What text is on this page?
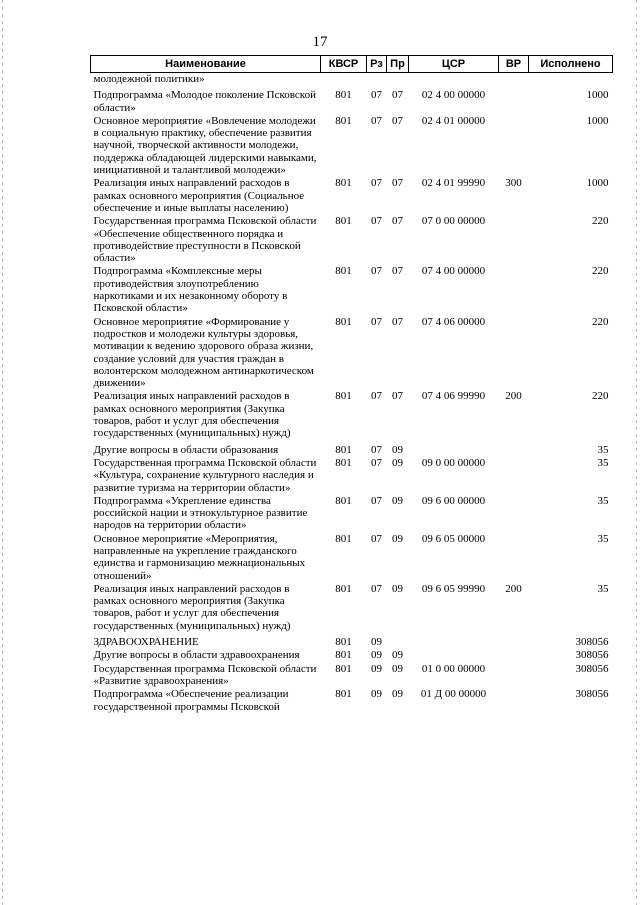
17
Наименование	КВСР	Рз	Пр	ЦСР	ВР	Исполнено
молодежной политики»						
Подпрограмма «Молодое поколение Псковской области»	801	07	07	02 4 00 00000		1000
Основное мероприятие «Вовлечение молодежи в социальную практику, обеспечение развития научной, творческой активности молодежи, поддержка обладающей лидерскими навыками, инициативной и талантливой молодежи»	801	07	07	02 4 01 00000		1000
Реализация иных направлений расходов в рамках основного мероприятия (Социальное обеспечение и иные выплаты населению)	801	07	07	02 4 01 99990	300	1000
Государственная программа Псковской области «Обеспечение общественного порядка и противодействие преступности в Псковской области»	801	07	07	07 0 00 00000		220
Подпрограмма «Комплексные меры противодействия злоупотреблению наркотиками и их незаконному обороту в Псковской области»	801	07	07	07 4 00 00000		220
Основное мероприятие «Формирование у подростков и молодежи культуры здоровья, мотивации к ведению здорового образа жизни, создание условий для участия граждан в волонтерском молодежном антинаркотическом движении»	801	07	07	07 4 06 00000		220
Реализация иных направлений расходов в рамках основного мероприятия (Закупка товаров, работ и услуг для обеспечения государственных (муниципальных) нужд)	801	07	07	07 4 06 99990	200	220
Другие вопросы в области образования	801	07	09			35
Государственная программа Псковской области «Культура, сохранение культурного наследия и развитие туризма на территории области»	801	07	09	09 0 00 00000		35
Подпрограмма «Укрепление единства российской нации и этнокультурное развитие народов на территории области»	801	07	09	09 6 00 00000		35
Основное мероприятие «Мероприятия, направленные на укрепление гражданского единства и гармонизацию межнациональных отношений»	801	07	09	09 6 05 00000		35
Реализация иных направлений расходов в рамках основного мероприятия (Закупка товаров, работ и услуг для обеспечения государственных (муниципальных) нужд)	801	07	09	09 6 05 99990	200	35
ЗДРАВООХРАНЕНИЕ	801	09				308056
Другие вопросы в области здравоохранения	801	09	09			308056
Государственная программа Псковской области «Развитие здравоохранения»	801	09	09	01 0 00 00000		308056
Подпрограмма «Обеспечение реализации государственной программы Псковской	801	09	09	01 Д 00 00000		308056
